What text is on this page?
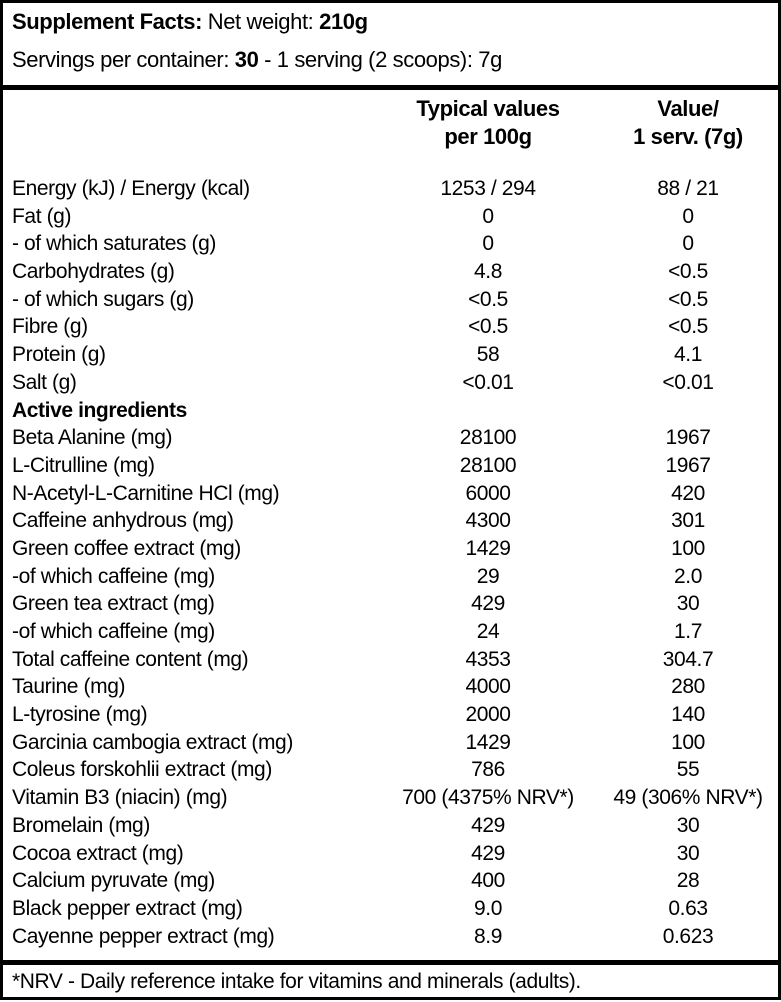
Supplement Facts: Net weight: 210g
Servings per container: 30 - 1 serving (2 scoops): 7g
Typical values
per 100g
Value/
1 serv. (7g)
Energy (kJ) / Energy (kcal)	1253 / 294	88 / 21
Fat (g)	0	0
- of which saturates (g)	0	0
Carbohydrates (g)	4.8	<0.5
- of which sugars (g)	<0.5	<0.5
Fibre (g)	<0.5	<0.5
Protein (g)	58	4.1
Salt (g)	<0.01	<0.01
Active ingredients
Beta Alanine (mg)	28100	1967
L-Citrulline (mg)	28100	1967
N-Acetyl-L-Carnitine HCl (mg)	6000	420
Caffeine anhydrous (mg)	4300	301
Green coffee extract (mg)	1429	100
-of which caffeine (mg)	29	2.0
Green tea extract (mg)	429	30
-of which caffeine (mg)	24	1.7
Total caffeine content (mg)	4353	304.7
Taurine (mg)	4000	280
L-tyrosine (mg)	2000	140
Garcinia cambogia extract (mg)	1429	100
Coleus forskohlii extract (mg)	786	55
Vitamin B3 (niacin) (mg)	700 (4375% NRV*)	49 (306% NRV*)
Bromelain (mg)	429	30
Cocoa extract (mg)	429	30
Calcium pyruvate (mg)	400	28
Black pepper extract (mg)	9.0	0.63
Cayenne pepper extract (mg)	8.9	0.623
*NRV - Daily reference intake for vitamins and minerals (adults).
